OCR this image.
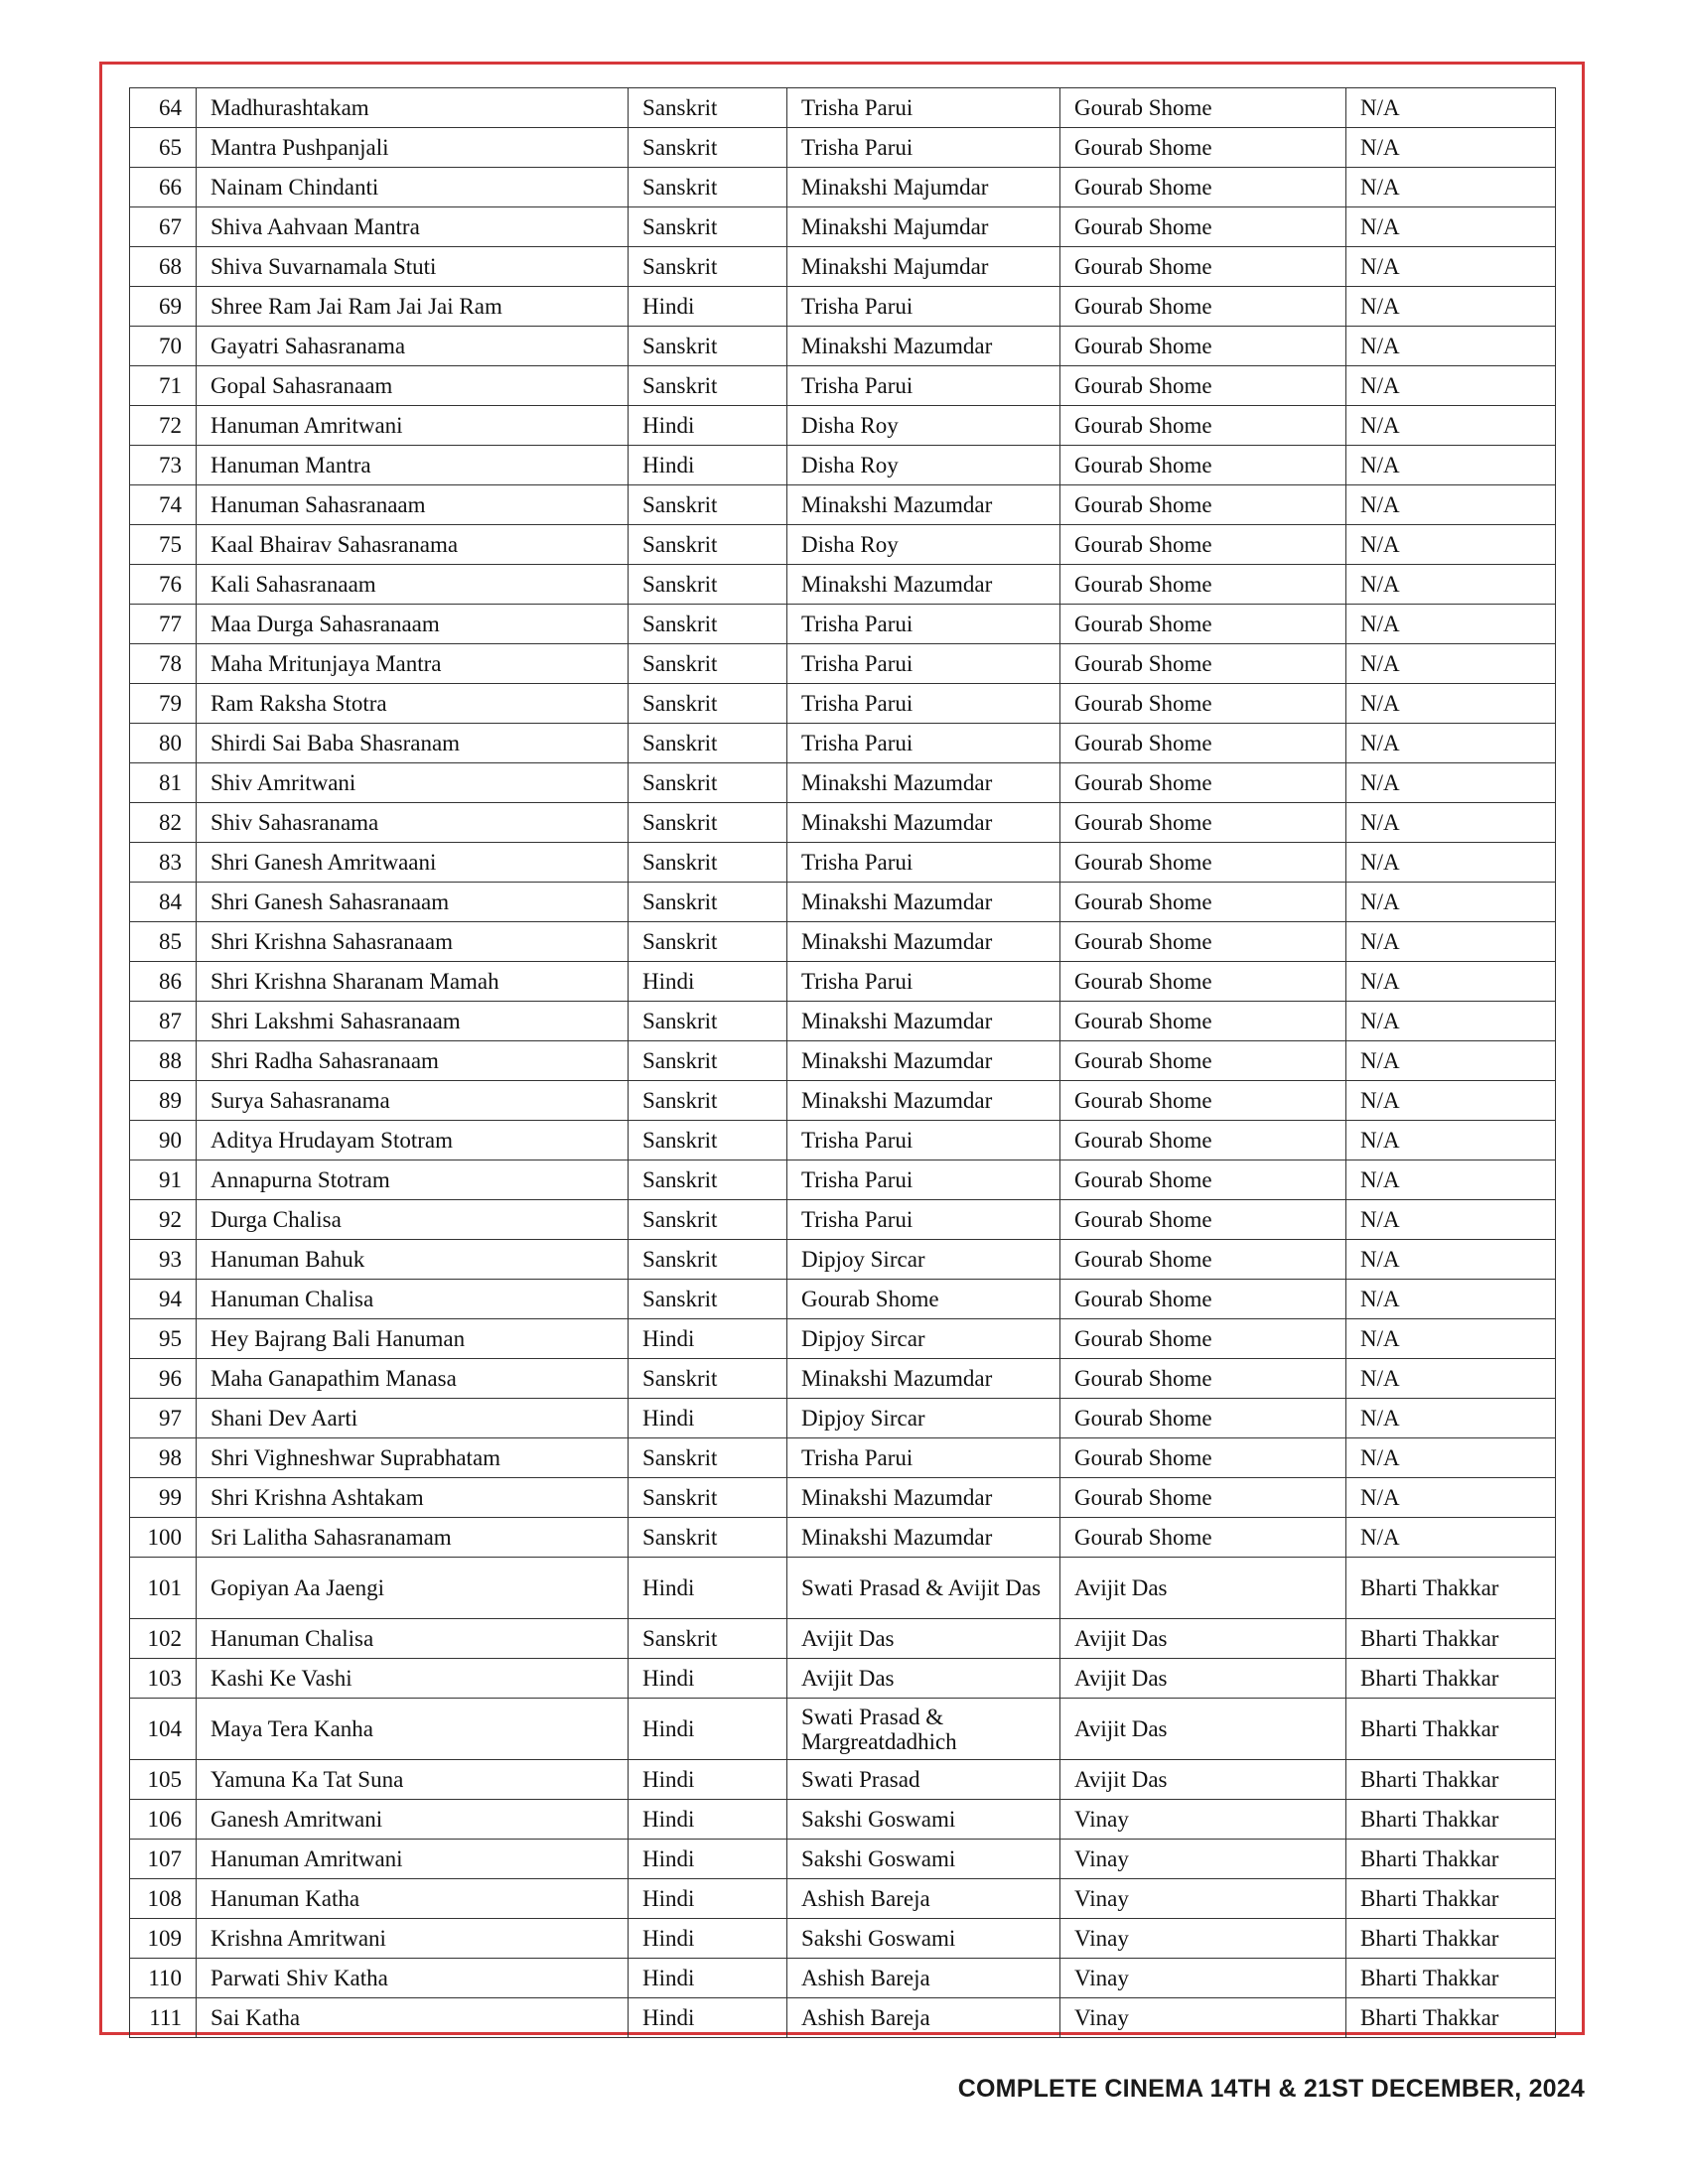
64	Madhurashtakam	Sanskrit	Trisha Parui	Gourab Shome	N/A
65	Mantra Pushpanjali	Sanskrit	Trisha Parui	Gourab Shome	N/A
66	Nainam Chindanti	Sanskrit	Minakshi Majumdar	Gourab Shome	N/A
67	Shiva Aahvaan Mantra	Sanskrit	Minakshi Majumdar	Gourab Shome	N/A
68	Shiva Suvarnamala Stuti	Sanskrit	Minakshi Majumdar	Gourab Shome	N/A
69	Shree Ram Jai Ram Jai Jai Ram	Hindi	Trisha Parui	Gourab Shome	N/A
70	Gayatri Sahasranama	Sanskrit	Minakshi Mazumdar	Gourab Shome	N/A
71	Gopal Sahasranaam	Sanskrit	Trisha Parui	Gourab Shome	N/A
72	Hanuman Amritwani	Hindi	Disha Roy	Gourab Shome	N/A
73	Hanuman Mantra	Hindi	Disha Roy	Gourab Shome	N/A
74	Hanuman Sahasranaam	Sanskrit	Minakshi Mazumdar	Gourab Shome	N/A
75	Kaal Bhairav Sahasranama	Sanskrit	Disha Roy	Gourab Shome	N/A
76	Kali Sahasranaam	Sanskrit	Minakshi Mazumdar	Gourab Shome	N/A
77	Maa Durga Sahasranaam	Sanskrit	Trisha Parui	Gourab Shome	N/A
78	Maha Mritunjaya Mantra	Sanskrit	Trisha Parui	Gourab Shome	N/A
79	Ram Raksha Stotra	Sanskrit	Trisha Parui	Gourab Shome	N/A
80	Shirdi Sai Baba Shasranam	Sanskrit	Trisha Parui	Gourab Shome	N/A
81	Shiv Amritwani	Sanskrit	Minakshi Mazumdar	Gourab Shome	N/A
82	Shiv Sahasranama	Sanskrit	Minakshi Mazumdar	Gourab Shome	N/A
83	Shri Ganesh Amritwaani	Sanskrit	Trisha Parui	Gourab Shome	N/A
84	Shri Ganesh Sahasranaam	Sanskrit	Minakshi Mazumdar	Gourab Shome	N/A
85	Shri Krishna Sahasranaam	Sanskrit	Minakshi Mazumdar	Gourab Shome	N/A
86	Shri Krishna Sharanam Mamah	Hindi	Trisha Parui	Gourab Shome	N/A
87	Shri Lakshmi Sahasranaam	Sanskrit	Minakshi Mazumdar	Gourab Shome	N/A
88	Shri Radha Sahasranaam	Sanskrit	Minakshi Mazumdar	Gourab Shome	N/A
89	Surya Sahasranama	Sanskrit	Minakshi Mazumdar	Gourab Shome	N/A
90	Aditya Hrudayam Stotram	Sanskrit	Trisha Parui	Gourab Shome	N/A
91	Annapurna Stotram	Sanskrit	Trisha Parui	Gourab Shome	N/A
92	Durga Chalisa	Sanskrit	Trisha Parui	Gourab Shome	N/A
93	Hanuman Bahuk	Sanskrit	Dipjoy Sircar	Gourab Shome	N/A
94	Hanuman Chalisa	Sanskrit	Gourab Shome	Gourab Shome	N/A
95	Hey Bajrang Bali Hanuman	Hindi	Dipjoy Sircar	Gourab Shome	N/A
96	Maha Ganapathim Manasa	Sanskrit	Minakshi Mazumdar	Gourab Shome	N/A
97	Shani Dev Aarti	Hindi	Dipjoy Sircar	Gourab Shome	N/A
98	Shri Vighneshwar Suprabhatam	Sanskrit	Trisha Parui	Gourab Shome	N/A
99	Shri Krishna Ashtakam	Sanskrit	Minakshi Mazumdar	Gourab Shome	N/A
100	Sri Lalitha Sahasranamam	Sanskrit	Minakshi Mazumdar	Gourab Shome	N/A
101	Gopiyan Aa Jaengi	Hindi	Swati Prasad & Avijit Das	Avijit Das	Bharti Thakkar
102	Hanuman Chalisa	Sanskrit	Avijit Das	Avijit Das	Bharti Thakkar
103	Kashi Ke Vashi	Hindi	Avijit Das	Avijit Das	Bharti Thakkar
104	Maya Tera Kanha	Hindi	Swati Prasad & Margreatdadhich	Avijit Das	Bharti Thakkar
105	Yamuna Ka Tat Suna	Hindi	Swati Prasad	Avijit Das	Bharti Thakkar
106	Ganesh Amritwani	Hindi	Sakshi Goswami	Vinay	Bharti Thakkar
107	Hanuman Amritwani	Hindi	Sakshi Goswami	Vinay	Bharti Thakkar
108	Hanuman Katha	Hindi	Ashish Bareja	Vinay	Bharti Thakkar
109	Krishna Amritwani	Hindi	Sakshi Goswami	Vinay	Bharti Thakkar
110	Parwati Shiv Katha	Hindi	Ashish Bareja	Vinay	Bharti Thakkar
111	Sai Katha	Hindi	Ashish Bareja	Vinay	Bharti Thakkar
COMPLETE CINEMA 14TH & 21ST DECEMBER, 2024
